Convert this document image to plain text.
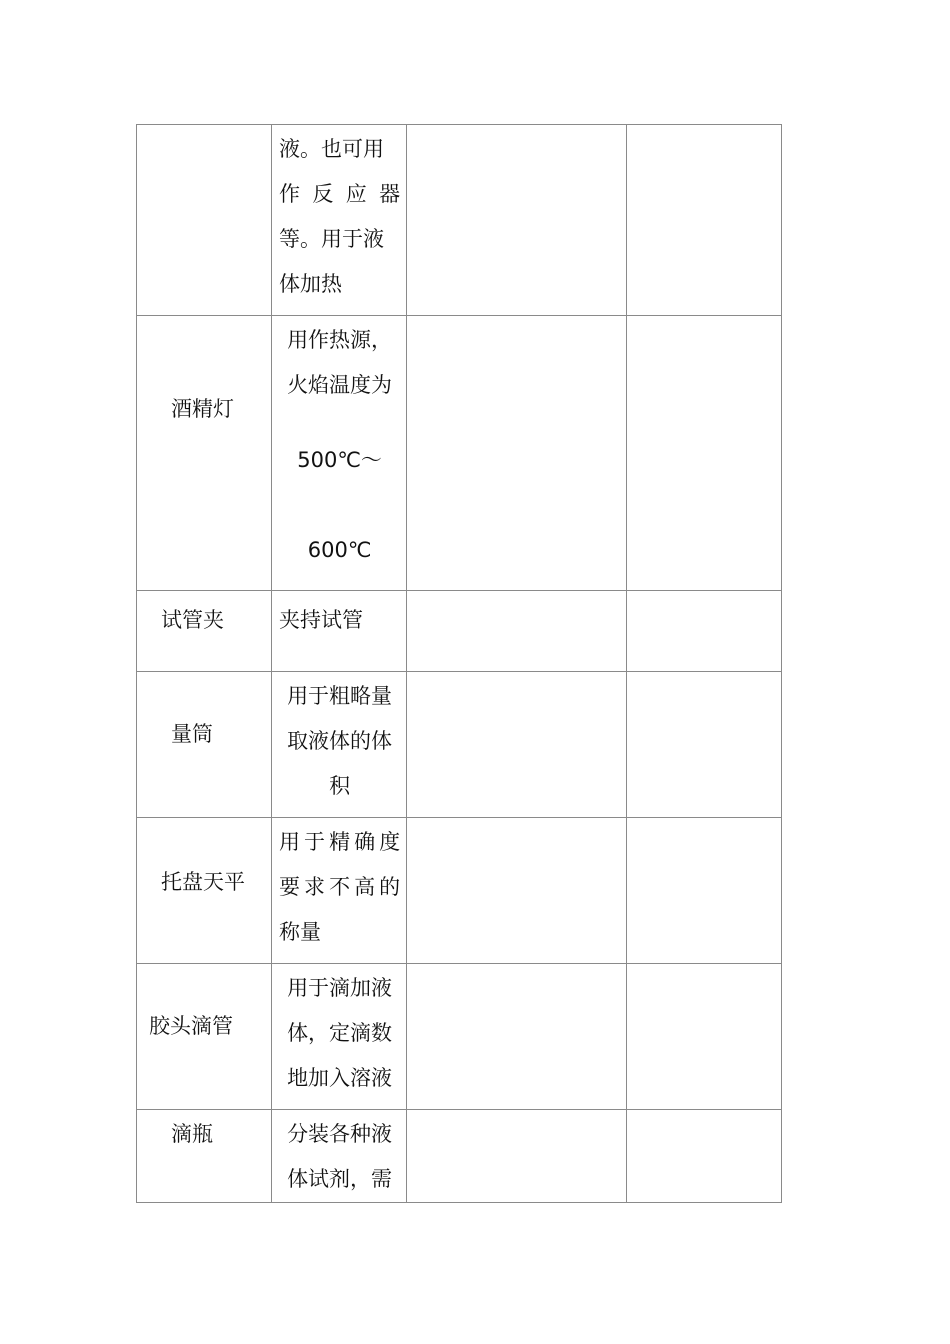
	液。也可用
作反应器
等。用于液
体加热		

酒精灯	用作热源，
火焰温度为
500℃～
600℃		

试管夹	夹持试管		

量筒	用于粗略量
取液体的体
积		

托盘天平	用于精确度
要求不高的
称量		

胶头滴管	用于滴加液
体，定滴数
地加入溶液		

滴瓶	分装各种液
体试剂，需		
